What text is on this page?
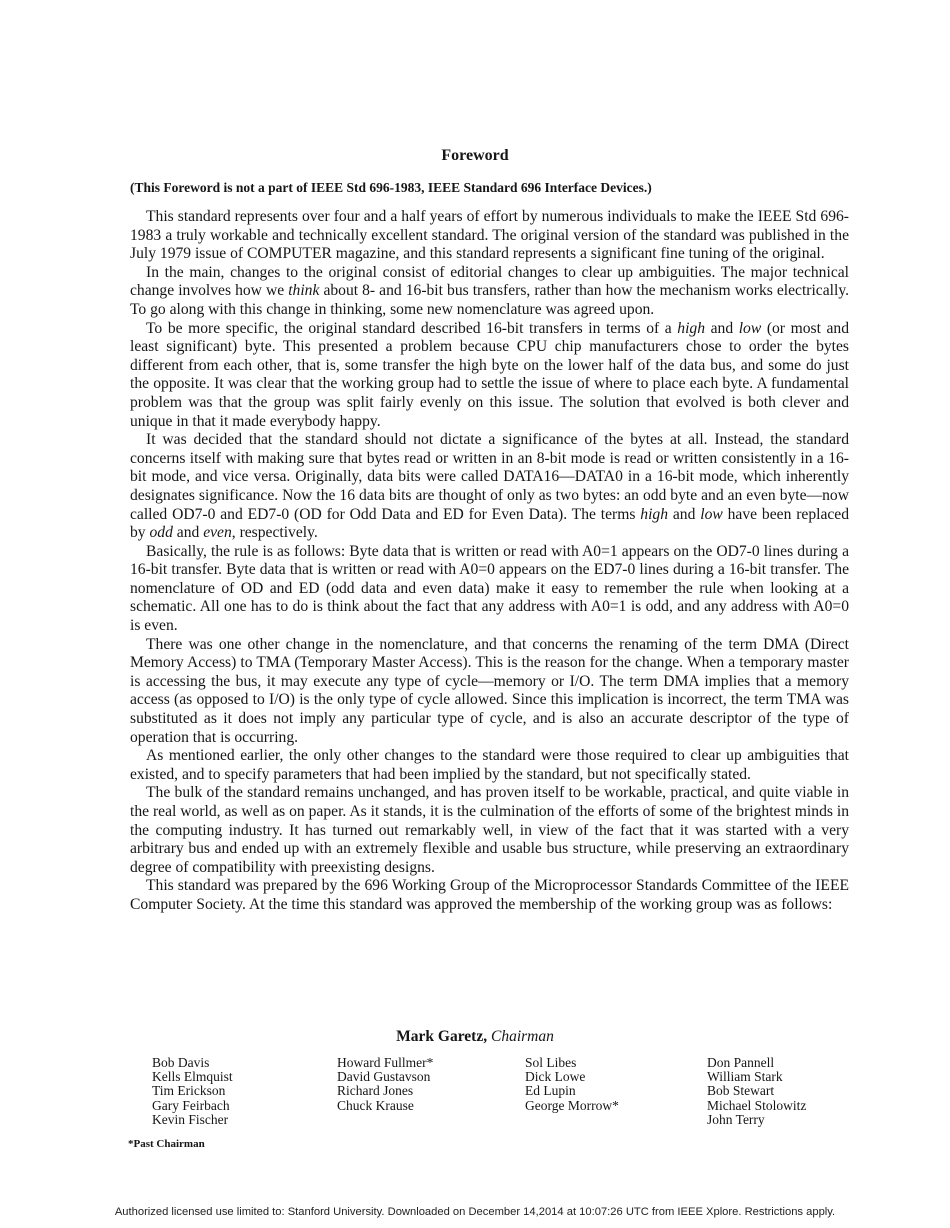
Foreword
(This Foreword is not a part of IEEE Std 696-1983, IEEE Standard 696 Interface Devices.)

This standard represents over four and a half years of effort by numerous individuals to make the IEEE Std 696-1983 a truly workable and technically excellent standard. The original version of the standard was published in the July 1979 issue of COMPUTER magazine, and this standard represents a significant fine tuning of the original.

In the main, changes to the original consist of editorial changes to clear up ambiguities. The major technical change involves how we think about 8- and 16-bit bus transfers, rather than how the mechanism works electrically. To go along with this change in thinking, some new nomenclature was agreed upon.

To be more specific, the original standard described 16-bit transfers in terms of a high and low (or most and least significant) byte. This presented a problem because CPU chip manufacturers chose to order the bytes different from each other, that is, some transfer the high byte on the lower half of the data bus, and some do just the opposite. It was clear that the working group had to settle the issue of where to place each byte. A fundamental problem was that the group was split fairly evenly on this issue. The solution that evolved is both clever and unique in that it made everybody happy.

It was decided that the standard should not dictate a significance of the bytes at all. Instead, the standard concerns itself with making sure that bytes read or written in an 8-bit mode is read or written consistently in a 16-bit mode, and vice versa. Originally, data bits were called DATA16—DATA0 in a 16-bit mode, which inherently designates significance. Now the 16 data bits are thought of only as two bytes: an odd byte and an even byte—now called OD7-0 and ED7-0 (OD for Odd Data and ED for Even Data). The terms high and low have been replaced by odd and even, respectively.

Basically, the rule is as follows: Byte data that is written or read with A0=1 appears on the OD7-0 lines during a 16-bit transfer. Byte data that is written or read with A0=0 appears on the ED7-0 lines during a 16-bit transfer. The nomenclature of OD and ED (odd data and even data) make it easy to remember the rule when looking at a schematic. All one has to do is think about the fact that any address with A0=1 is odd, and any address with A0=0 is even.

There was one other change in the nomenclature, and that concerns the renaming of the term DMA (Direct Memory Access) to TMA (Temporary Master Access). This is the reason for the change. When a temporary master is accessing the bus, it may execute any type of cycle—memory or I/O. The term DMA implies that a memory access (as opposed to I/O) is the only type of cycle allowed. Since this implication is incorrect, the term TMA was substituted as it does not imply any particular type of cycle, and is also an accurate descriptor of the type of operation that is occurring.

As mentioned earlier, the only other changes to the standard were those required to clear up ambiguities that existed, and to specify parameters that had been implied by the standard, but not specifically stated.

The bulk of the standard remains unchanged, and has proven itself to be workable, practical, and quite viable in the real world, as well as on paper. As it stands, it is the culmination of the efforts of some of the brightest minds in the computing industry. It has turned out remarkably well, in view of the fact that it was started with a very arbitrary bus and ended up with an extremely flexible and usable bus structure, while preserving an extraordinary degree of compatibility with preexisting designs.

This standard was prepared by the 696 Working Group of the Microprocessor Standards Committee of the IEEE Computer Society. At the time this standard was approved the membership of the working group was as follows:

Mark Garetz, Chairman
Bob Davis
Kells Elmquist
Tim Erickson
Gary Feirbach
Kevin Fischer
Howard Fullmer*
David Gustavson
Richard Jones
Chuck Krause
Sol Libes
Dick Lowe
Ed Lupin
George Morrow*
Don Pannell
William Stark
Bob Stewart
Michael Stolowitz
John Terry
*Past Chairman
Authorized licensed use limited to: Stanford University. Downloaded on December 14,2014 at 10:07:26 UTC from IEEE Xplore. Restrictions apply.
